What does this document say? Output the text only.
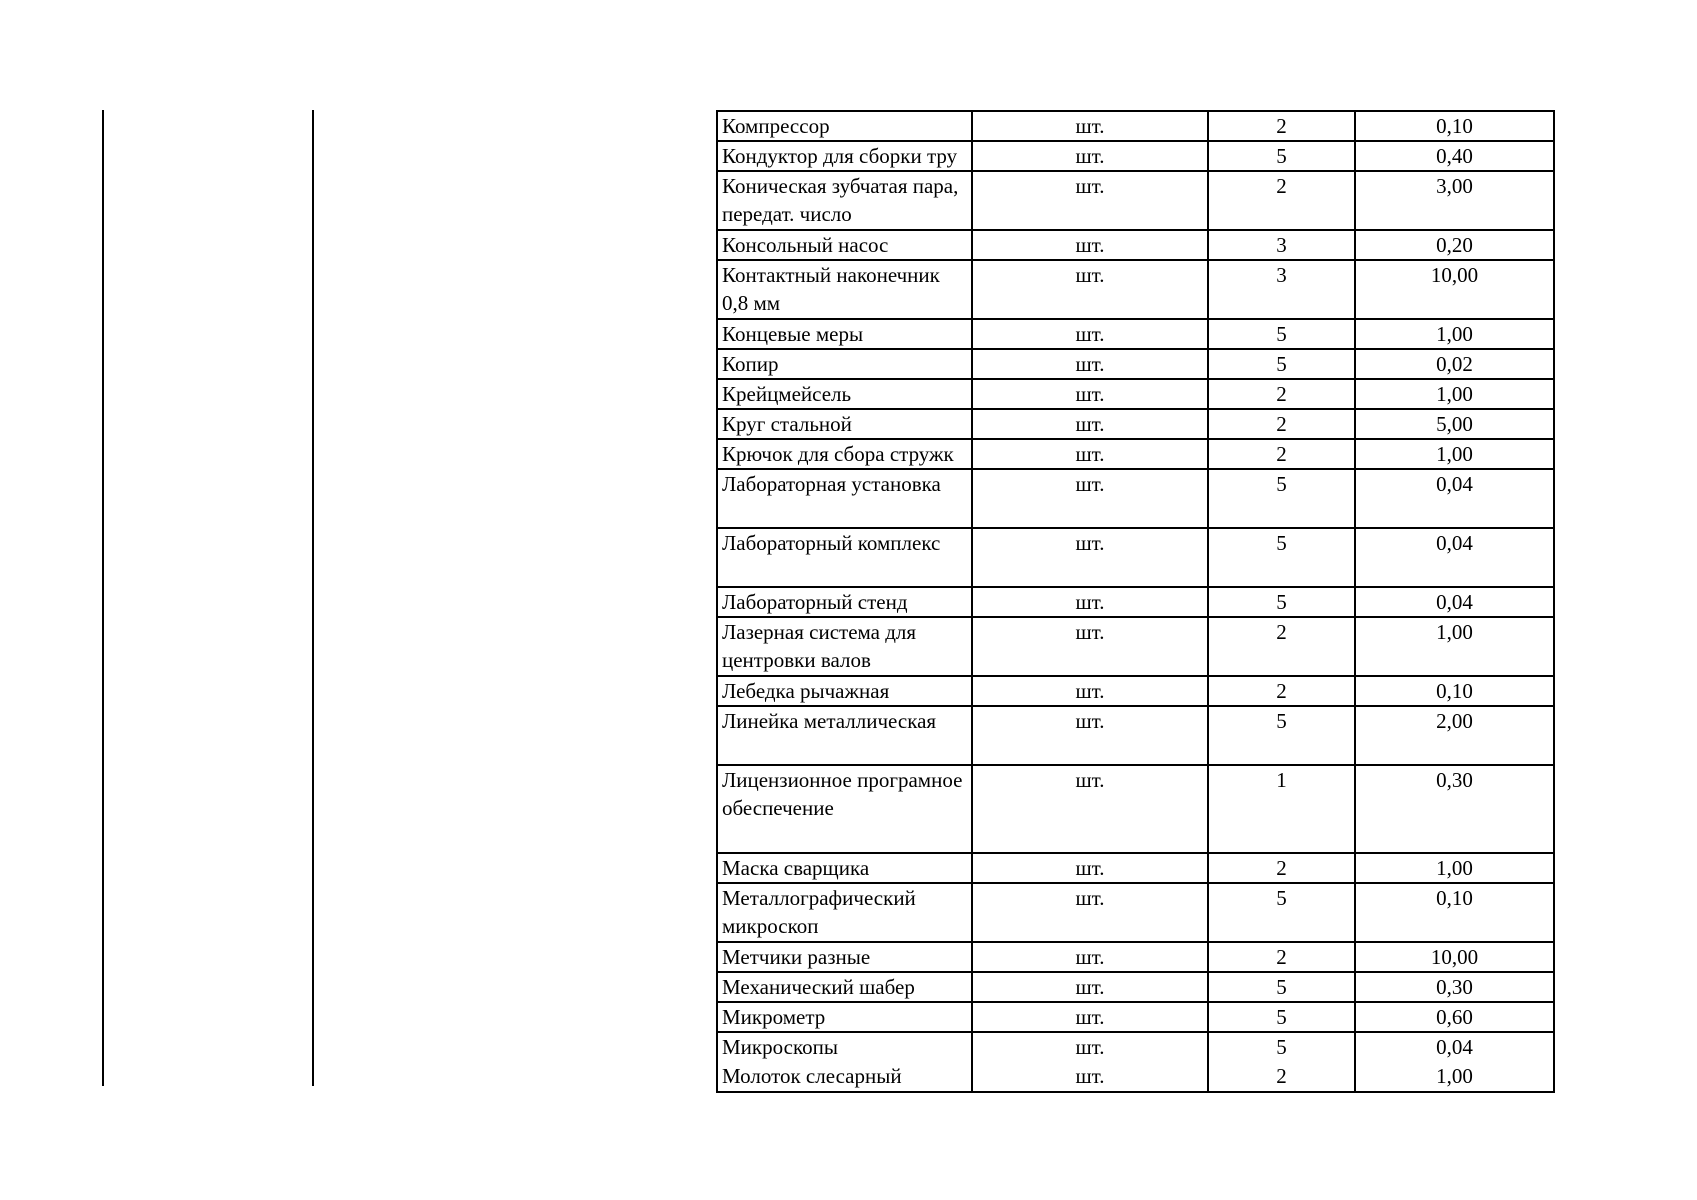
Компрессор	шт.	2	0,10
Кондуктор для сборки тру	шт.	5	0,40
Коническая зубчатая пара, передат. число	шт.	2	3,00
Консольный насос	шт.	3	0,20
Контактный наконечник 0,8 мм	шт.	3	10,00
Концевые меры	шт.	5	1,00
Копир	шт.	5	0,02
Крейцмейсель	шт.	2	1,00
Круг стальной	шт.	2	5,00
Крючок для сбора стружк	шт.	2	1,00
Лабораторная установка	шт.	5	0,04
Лабораторный комплекс	шт.	5	0,04
Лабораторный стенд	шт.	5	0,04
Лазерная система для центровки валов	шт.	2	1,00
Лебедка рычажная	шт.	2	0,10
Линейка металлическая	шт.	5	2,00
Лицензионное програмное обеспечение	шт.	1	0,30
Маска сварщика	шт.	2	1,00
Металлографический микроскоп	шт.	5	0,10
Метчики разные	шт.	2	10,00
Механический шабер	шт.	5	0,30
Микрометр	шт.	5	0,60
Микроскопы	шт.	5	0,04
Молоток слесарный	шт.	2	1,00
